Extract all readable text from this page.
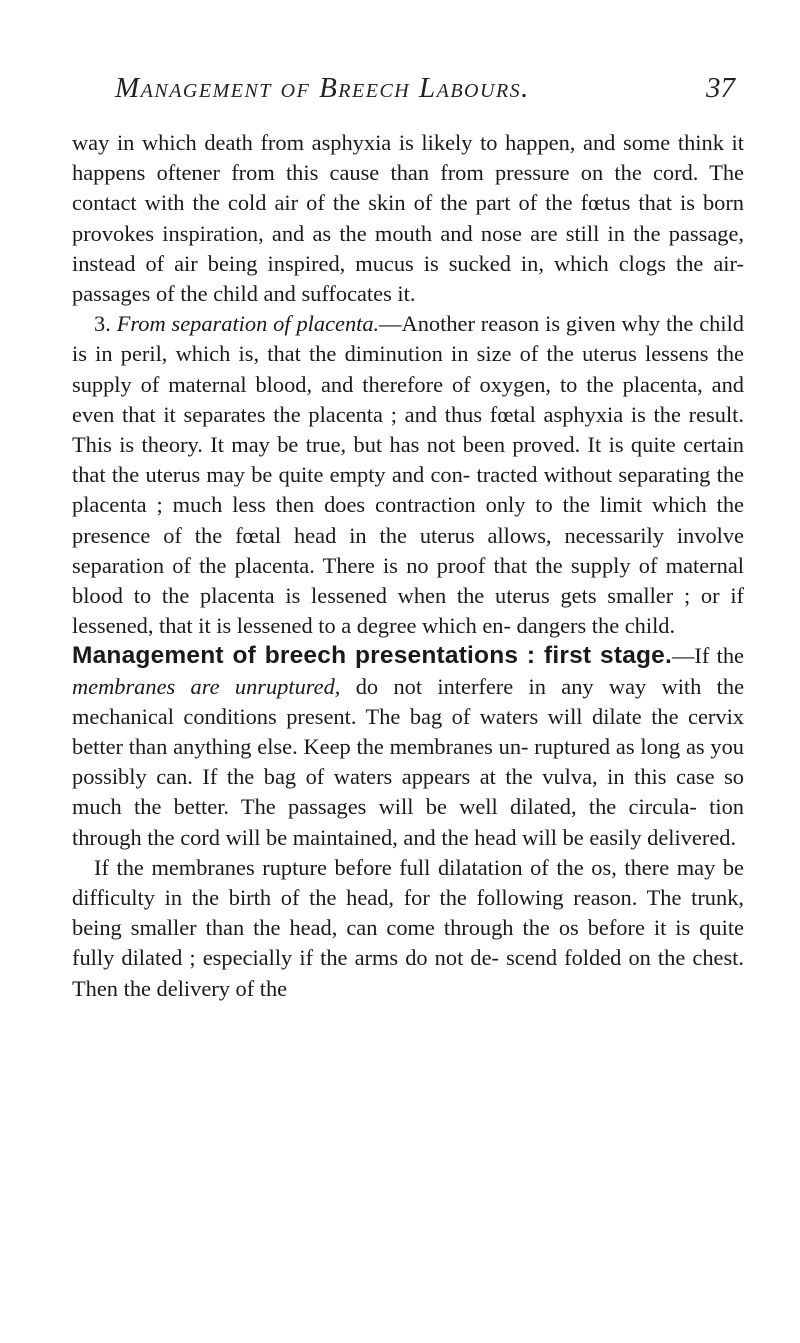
Management of Breech Labours.	37

way in which death from asphyxia is likely to happen, and some think it happens oftener from this cause than from pressure on the cord. The contact with the cold air of the skin of the part of the fœtus that is born provokes inspiration, and as the mouth and nose are still in the passage, instead of air being inspired, mucus is sucked in, which clogs the air-passages of the child and suffocates it.

3. From separation of placenta.—Another reason is given why the child is in peril, which is, that the diminution in size of the uterus lessens the supply of maternal blood, and therefore of oxygen, to the placenta, and even that it separates the placenta ; and thus fœtal asphyxia is the result. This is theory. It may be true, but has not been proved. It is quite certain that the uterus may be quite empty and con- tracted without separating the placenta ; much less then does contraction only to the limit which the presence of the fœtal head in the uterus allows, necessarily involve separation of the placenta. There is no proof that the supply of maternal blood to the placenta is lessened when the uterus gets smaller ; or if lessened, that it is lessened to a degree which en- dangers the child.

Management of breech presentations : first stage.—If the membranes are unruptured, do not interfere in any way with the mechanical conditions present. The bag of waters will dilate the cervix better than anything else. Keep the membranes un- ruptured as long as you possibly can. If the bag of waters appears at the vulva, in this case so much the better. The passages will be well dilated, the circula- tion through the cord will be maintained, and the head will be easily delivered.

If the membranes rupture before full dilatation of the os, there may be difficulty in the birth of the head, for the following reason. The trunk, being smaller than the head, can come through the os before it is quite fully dilated ; especially if the arms do not de- scend folded on the chest. Then the delivery of the
